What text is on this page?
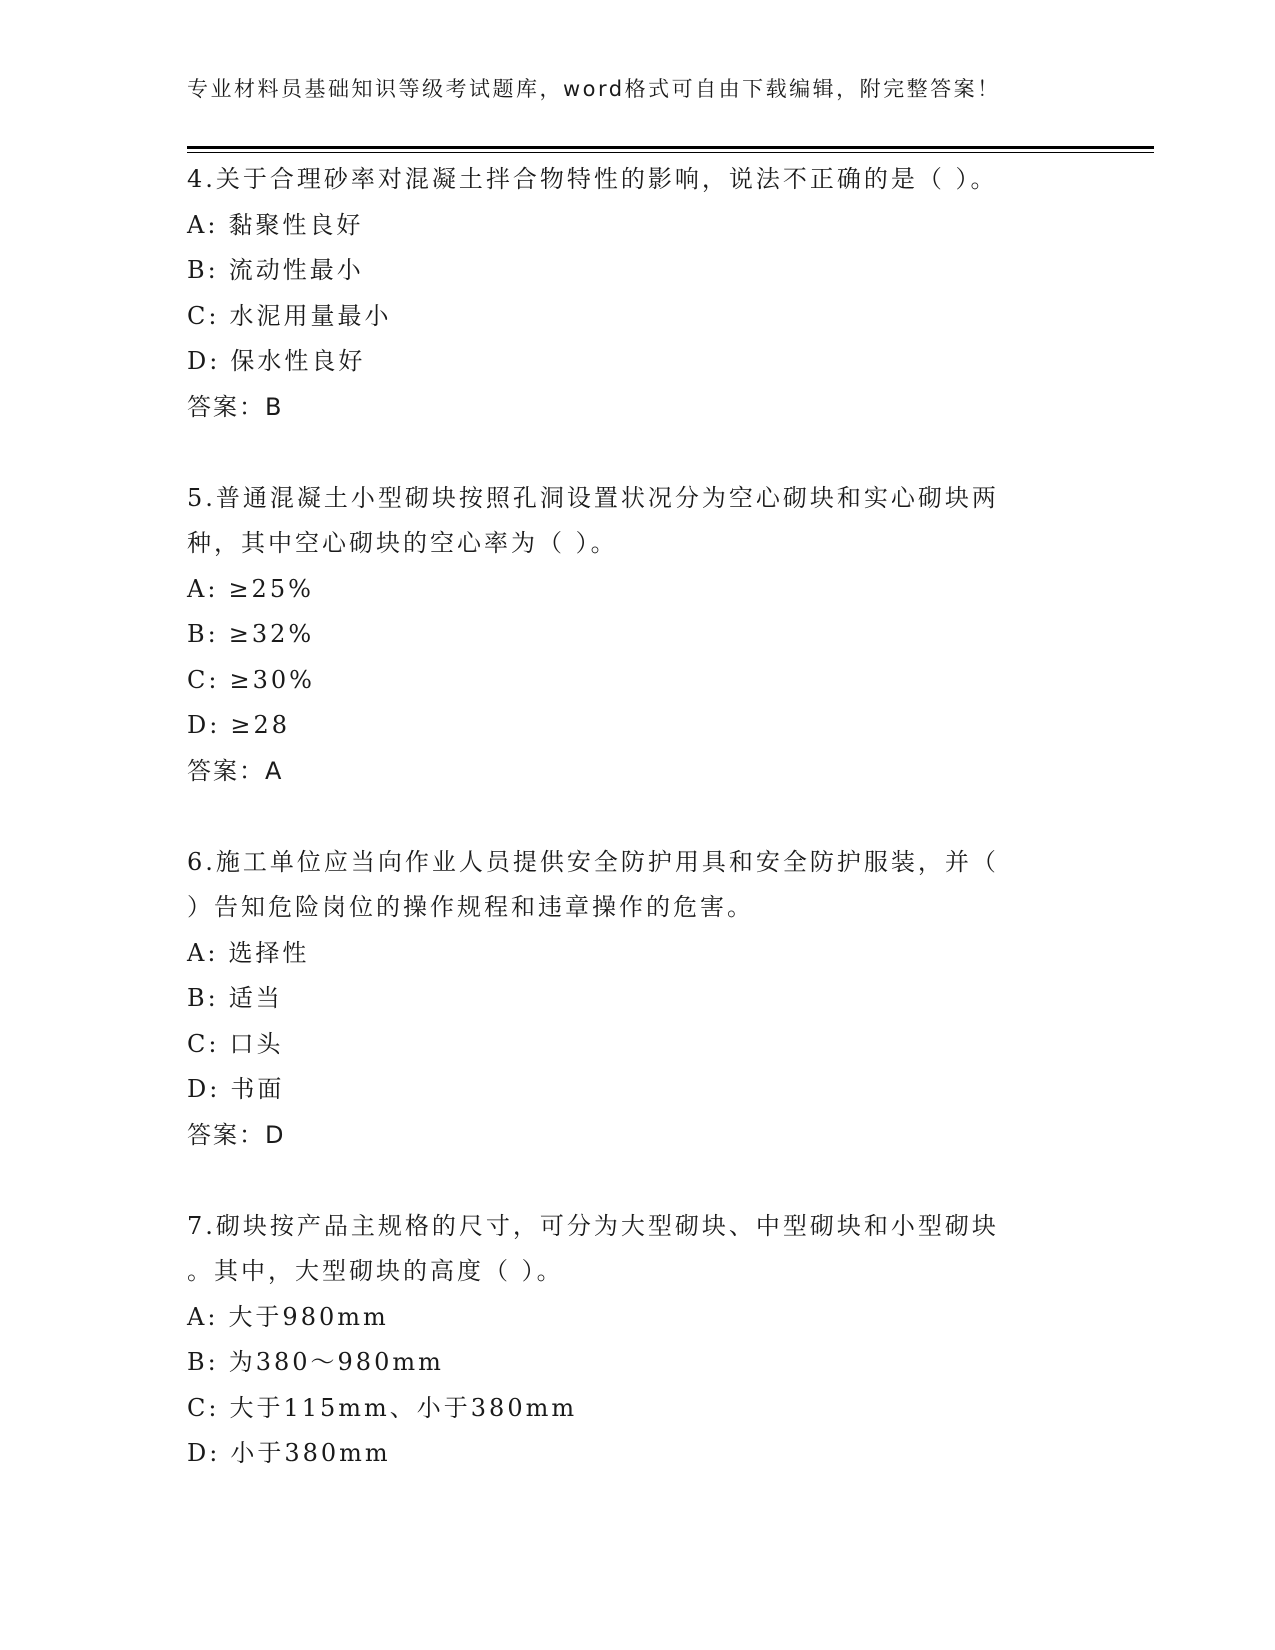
专业材料员基础知识等级考试题库，word格式可自由下载编辑，附完整答案！

4.关于合理砂率对混凝土拌合物特性的影响，说法不正确的是（ ）。

A: 黏聚性良好

B: 流动性最小

C: 水泥用量最小

D: 保水性良好

答案：B

5.普通混凝土小型砌块按照孔洞设置状况分为空心砌块和实心砌块两

种，其中空心砌块的空心率为（ ）。

A: ≥25%

B: ≥32%

C: ≥30%

D: ≥28

答案：A

6.施工单位应当向作业人员提供安全防护用具和安全防护服装，并（

）告知危险岗位的操作规程和违章操作的危害。

A: 选择性

B: 适当

C: 口头

D: 书面

答案：D

7.砌块按产品主规格的尺寸，可分为大型砌块、中型砌块和小型砌块

。其中，大型砌块的高度（ ）。

A: 大于980mm

B: 为380～980mm

C: 大于115mm、小于380mm

D: 小于380mm
